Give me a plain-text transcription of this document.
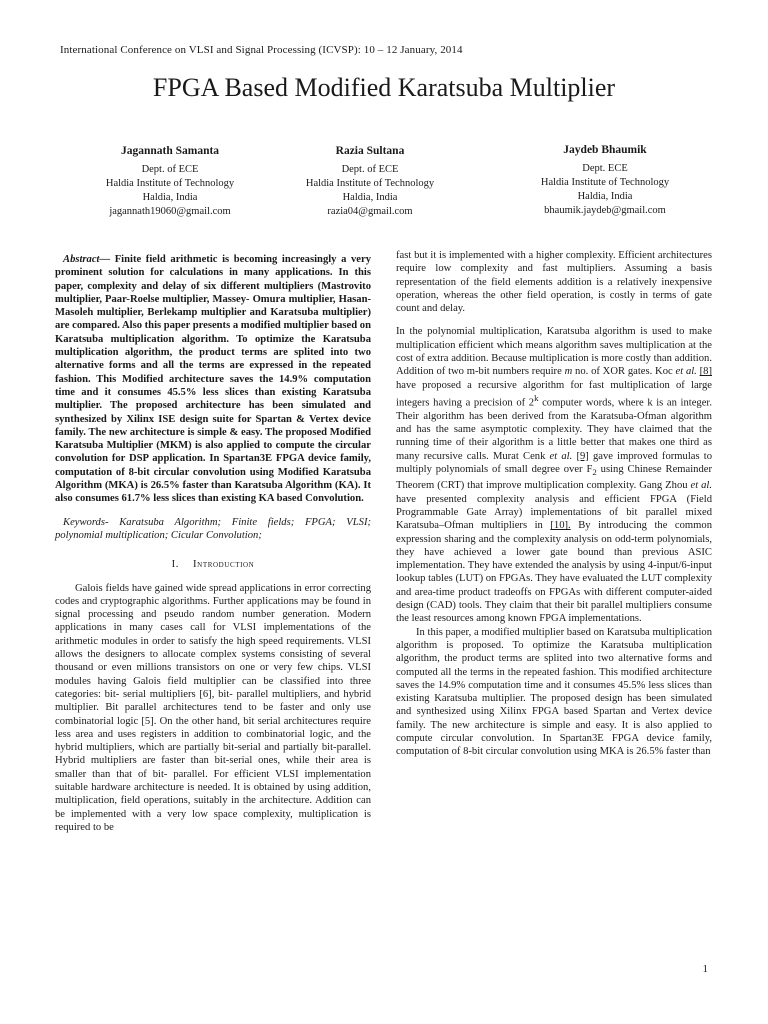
International Conference on VLSI and Signal Processing (ICVSP): 10 – 12 January, 2014
FPGA Based Modified Karatsuba Multiplier
Jagannath Samanta
Dept. of ECE
Haldia Institute of Technology
Haldia, India
jagannath19060@gmail.com
Razia Sultana
Dept. of ECE
Haldia Institute of Technology
Haldia, India
razia04@gmail.com
Jaydeb Bhaumik
Dept. ECE
Haldia Institute of Technology
Haldia, India
bhaumik.jaydeb@gmail.com

Abstract— Finite field arithmetic is becoming increasingly a very prominent solution for calculations in many applications. In this paper, complexity and delay of six different multipliers (Mastrovito multiplier, Paar-Roelse multiplier, Massey- Omura multiplier, Hasan-Masoleh multiplier, Berlekamp multiplier and Karatsuba multiplier) are compared. Also this paper presents a modified multiplier based on Karatsuba multiplication algorithm. To optimize the Karatsuba multiplication algorithm, the product terms are splited into two alternative forms and all the terms are expressed in the repeated fashion. This Modified architecture saves the 14.9% computation time and it consumes 45.5% less slices than existing Karatsuba multiplier. The proposed architecture has been simulated and synthesized by Xilinx ISE design suite for Spartan & Vertex device family. The new architecture is simple & easy. The proposed Modified Karatsuba Multiplier (MKM) is also applied to compute the circular convolution for DSP application. In Spartan3E FPGA device family, computation of 8-bit circular convolution using Modified Karatsuba Algorithm (MKA) is 26.5% faster than Karatsuba Algorithm (KA). It also consumes 61.7% less slices than existing KA based Convolution.

Keywords- Karatsuba Algorithm; Finite fields; FPGA; VLSI; polynomial multiplication; Cicular Convolution;

I. Introduction

Galois fields have gained wide spread applications in error correcting codes and cryptographic algorithms. Further applications may be found in signal processing and pseudo random number generation. Modern applications in many cases call for VLSI implementations of the arithmetic modules in order to satisfy the high speed requirements. VLSI allows the designers to allocate complex systems consisting of several thousand or even millions transistors on one or very few chips. VLSI modules having Galois field multiplier can be classified into three categories: bit- serial multipliers [6], bit- parallel multipliers, and hybrid multiplier. Bit parallel architectures tend to be faster and only use combinatorial logic [5]. On the other hand, bit serial architectures require less area and uses registers in addition to combinatorial logic, and the hybrid multipliers, which are partially bit-serial and partially bit-parallel. Hybrid multipliers are faster than bit-serial ones, while their area is smaller than that of bit- parallel. For efficient VLSI implementation suitable hardware architecture is needed. It is obtained by using addition, multiplication, field operations, suitably in the architecture. Addition can be implemented with a very low space complexity, multiplication is required to be

fast but it is implemented with a higher complexity. Efficient architectures require low complexity and fast multipliers. Assuming a basis representation of the field elements addition is a relatively inexpensive operation, whereas the other field operation, is costly in terms of gate count and delay.

In the polynomial multiplication, Karatsuba algorithm is used to make multiplication efficient which means algorithm saves multiplication at the cost of extra addition. Because multiplication is more costly than addition. Addition of two m-bit numbers require m no. of XOR gates. Koc et al. [8] have proposed a recursive algorithm for fast multiplication of large integers having a precision of 2$^k$ computer words, where k is an integer. Their algorithm has been derived from the Karatsuba-Ofman algorithm and has the same asymptotic complexity. They have claimed that the running time of their algorithm is a little better that makes one third as many recursive calls. Murat Cenk et al. [9] gave improved formulas to multiply polynomials of small degree over $F_2$ using Chinese Remainder Theorem (CRT) that improve multiplication complexity. Gang Zhou et al. have presented complexity analysis and efficient FPGA (Field Programmable Gate Array) implementations of bit parallel mixed Karatsuba–Ofman multipliers in [10]. By introducing the common expression sharing and the complexity analysis on odd-term polynomials, they have achieved a lower gate bound than previous ASIC implementation. They have extended the analysis by using 4-input/6-input lookup tables (LUT) on FPGAs. They have evaluated the LUT complexity and area-time product tradeoffs on FPGAs with different computer-aided design (CAD) tools. They claim that their bit parallel multipliers consume the least resources among known FPGA implementations.

In this paper, a modified multiplier based on Karatsuba multiplication algorithm is proposed. To optimize the Karatsuba multiplication algorithm, the product terms are splited into two alternative forms and computed all the terms in the repeated fashion. This modified architecture saves the 14.9% computation time and it consumes 45.5% less slices than existing Karatsuba multiplier. The proposed design has been simulated and synthesized using Xilinx FPGA based Spartan and Vertex device family. The new architecture is simple and easy. It is also applied to compute circular convolution. In Spartan3E FPGA device family, computation of 8-bit circular convolution using MKA is 26.5% faster than

1
